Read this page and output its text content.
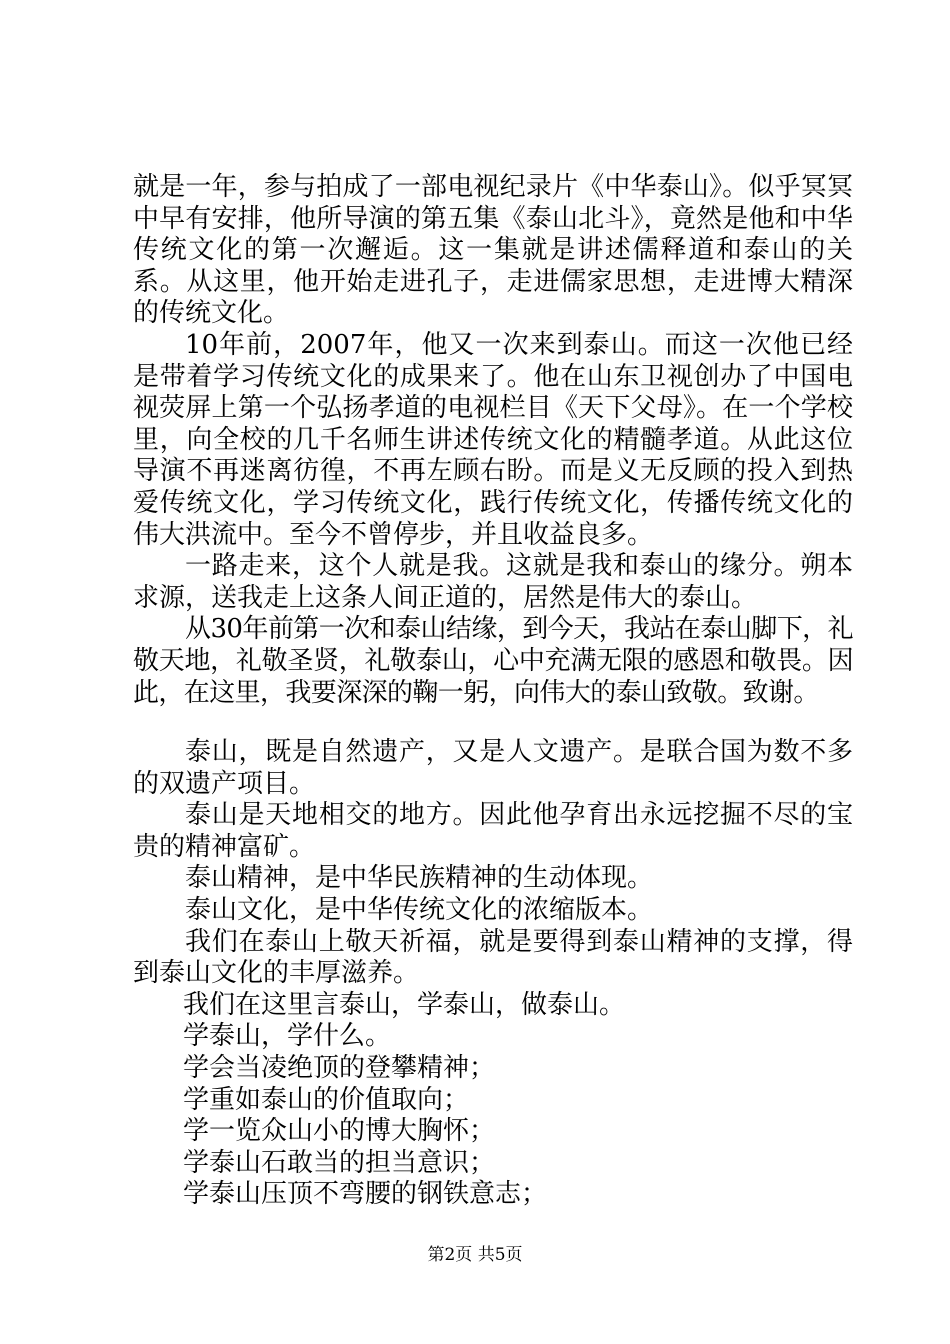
就是一年，参与拍成了一部电视纪录片《中华泰山》。似乎冥冥中早有安排，他所导演的第五集《泰山北斗》，竟然是他和中华传统文化的第一次邂逅。这一集就是讲述儒释道和泰山的关系。从这里，他开始走进孔子，走进儒家思想，走进博大精深的传统文化。

10年前，2007年，他又一次来到泰山。而这一次他已经是带着学习传统文化的成果来了。他在山东卫视创办了中国电视荧屏上第一个弘扬孝道的电视栏目《天下父母》。在一个学校里，向全校的几千名师生讲述传统文化的精髓孝道。从此这位导演不再迷离彷徨，不再左顾右盼。而是义无反顾的投入到热爱传统文化，学习传统文化，践行传统文化，传播传统文化的伟大洪流中。至今不曾停步，并且收益良多。

一路走来，这个人就是我。这就是我和泰山的缘分。朔本求源，送我走上这条人间正道的，居然是伟大的泰山。

从30年前第一次和泰山结缘，到今天，我站在泰山脚下，礼敬天地，礼敬圣贤，礼敬泰山，心中充满无限的感恩和敬畏。因此，在这里，我要深深的鞠一躬，向伟大的泰山致敬。致谢。

泰山，既是自然遗产，又是人文遗产。是联合国为数不多的双遗产项目。

泰山是天地相交的地方。因此他孕育出永远挖掘不尽的宝贵的精神富矿。

泰山精神，是中华民族精神的生动体现。

泰山文化，是中华传统文化的浓缩版本。

我们在泰山上敬天祈福，就是要得到泰山精神的支撑，得到泰山文化的丰厚滋养。

我们在这里言泰山，学泰山，做泰山。

学泰山，学什么。

学会当凌绝顶的登攀精神；

学重如泰山的价值取向；

学一览众山小的博大胸怀；

学泰山石敢当的担当意识；

学泰山压顶不弯腰的钢铁意志；

第2页 共5页
